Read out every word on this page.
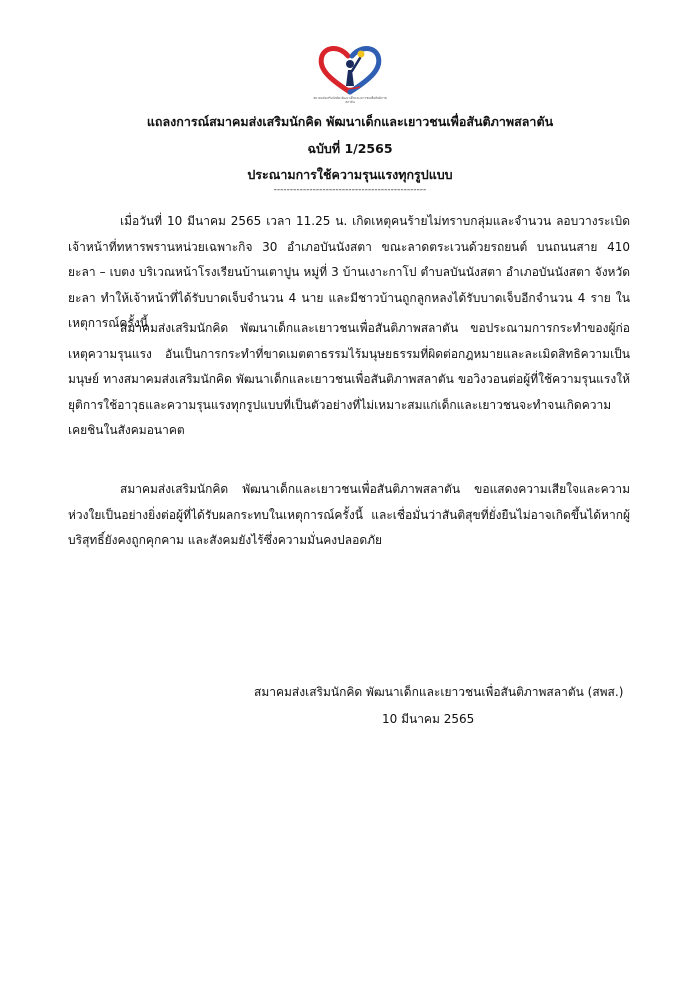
สมาคมส่งเสริมนักคิด พัฒนาเด็กและเยาวชนเพื่อสันติภาพสลาตัน
แถลงการณ์สมาคมส่งเสริมนักคิด พัฒนาเด็กและเยาวชนเพื่อสันติภาพสลาตัน
ฉบับที่ 1/2565
ประณามการใช้ความรุนแรงทุกรูปแบบ
-----------------------------------------------

เมื่อวันที่ 10 มีนาคม 2565 เวลา 11.25 น. เกิดเหตุคนร้ายไม่ทราบกลุ่มและจำนวน ลอบวางระเบิดเจ้าหน้าที่ทหารพรานหน่วยเฉพาะกิจ 30 อำเภอบันนังสตา ขณะลาดตระเวนด้วยรถยนต์ บนถนนสาย 410 ยะลา – เบตง บริเวณหน้าโรงเรียนบ้านเตาปูน หมู่ที่ 3 บ้านเงาะกาโป ตำบลบันนังสตา อำเภอบันนังสตา จังหวัดยะลา ทำให้เจ้าหน้าที่ได้รับบาดเจ็บจำนวน 4 นาย และมีชาวบ้านถูกลูกหลงได้รับบาดเจ็บอีกจำนวน 4 ราย ในเหตุการณ์ครั้งนี้

สมาคมส่งเสริมนักคิด พัฒนาเด็กและเยาวชนเพื่อสันติภาพสลาตัน ขอประณามการกระทำของผู้ก่อเหตุความรุนแรง อันเป็นการกระทำที่ขาดเมตตาธรรมไร้มนุษยธรรมที่ผิดต่อกฎหมายและละเมิดสิทธิความเป็นมนุษย์ ทางสมาคมส่งเสริมนักคิด พัฒนาเด็กและเยาวชนเพื่อสันติภาพสลาตัน ขอวิงวอนต่อผู้ที่ใช้ความรุนแรงให้ยุติการใช้อาวุธและความรุนแรงทุกรูปแบบที่เป็นตัวอย่างที่ไม่เหมาะสมแก่เด็กและเยาวชนจะทำจนเกิดความเคยชินในสังคมอนาคต

สมาคมส่งเสริมนักคิด พัฒนาเด็กและเยาวชนเพื่อสันติภาพสลาตัน ขอแสดงความเสียใจและความห่วงใยเป็นอย่างยิ่งต่อผู้ที่ได้รับผลกระทบในเหตุการณ์ครั้งนี้ และเชื่อมั่นว่าสันติสุขที่ยั่งยืนไม่อาจเกิดขึ้นได้หากผู้บริสุทธิ์ยังคงถูกคุกคาม และสังคมยังไร้ซึ่งความมั่นคงปลอดภัย

สมาคมส่งเสริมนักคิด พัฒนาเด็กและเยาวชนเพื่อสันติภาพสลาตัน (สพส.)
10 มีนาคม 2565
